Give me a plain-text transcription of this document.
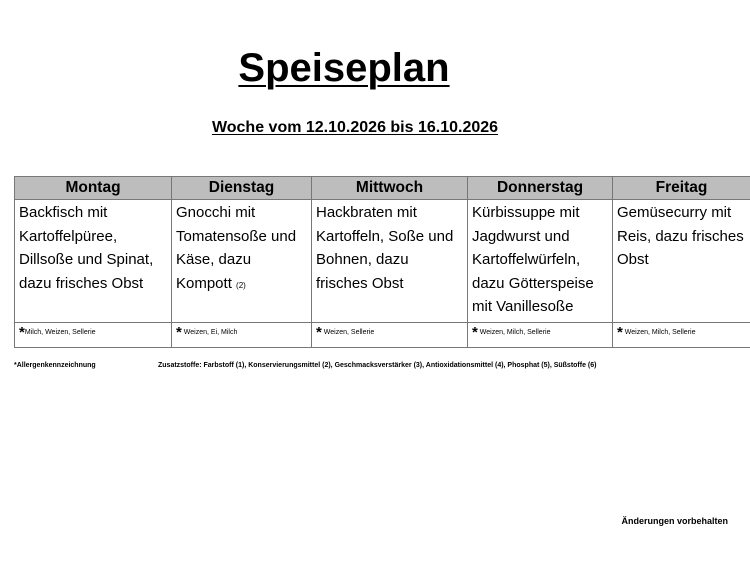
Speiseplan
Woche vom 12.10.2026 bis 16.10.2026
Montag	Dienstag	Mittwoch	Donnerstag	Freitag
Backfisch mit Kartoffelpüree, Dillsoße und Spinat, dazu frisches Obst	Gnocchi mit Tomatensoße und Käse, dazu Kompott (2)	Hackbraten mit Kartoffeln, Soße und Bohnen, dazu frisches Obst	Kürbissuppe mit Jagdwurst und Kartoffelwürfeln, dazu Götterspeise mit Vanillesoße	Gemüsecurry mit Reis, dazu frisches Obst
*Milch, Weizen, Sellerie	* Weizen, Ei, Milch	* Weizen, Sellerie	* Weizen, Milch, Sellerie	* Weizen, Milch, Sellerie
*Allergenkennzeichnung	Zusatzstoffe: Farbstoff (1), Konservierungsmittel (2), Geschmacksverstärker (3), Antioxidationsmittel (4), Phosphat (5), Süßstoffe (6)
Änderungen vorbehalten
